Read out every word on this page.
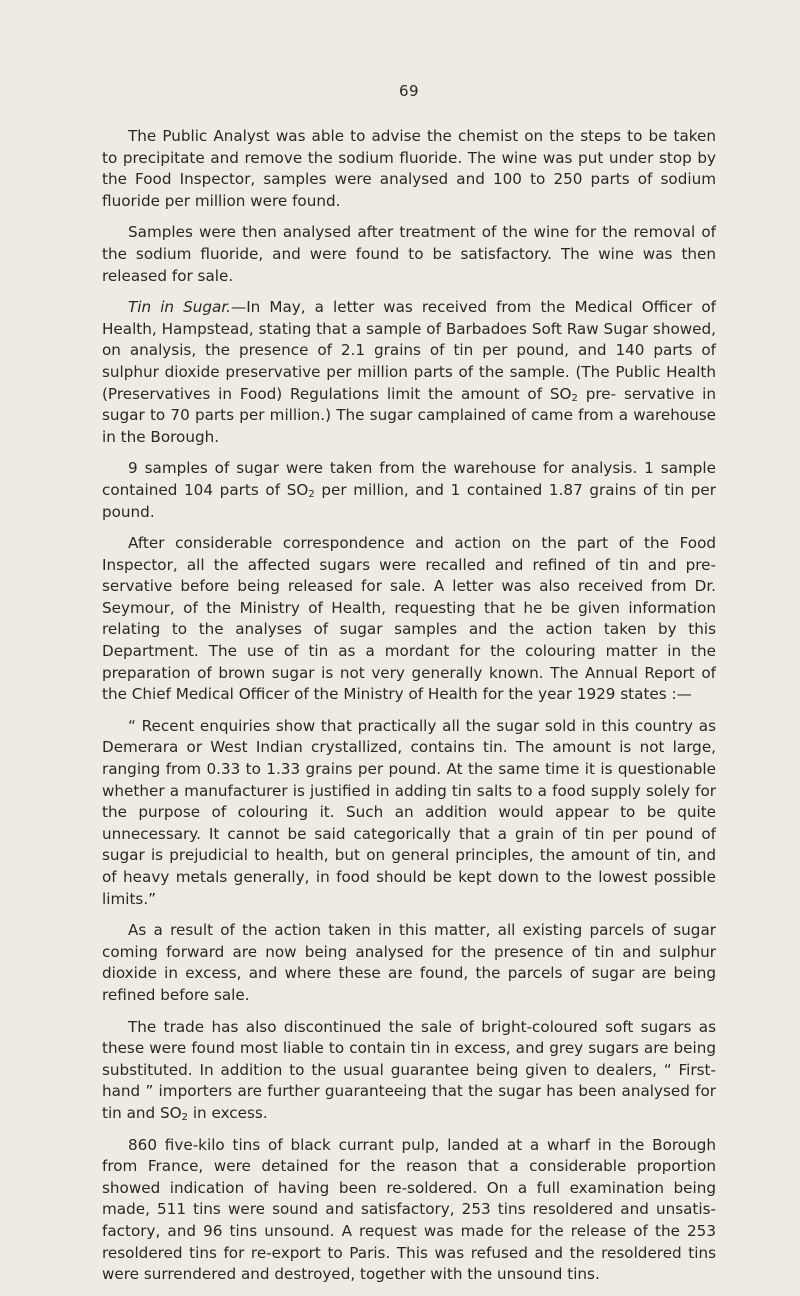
69

The Public Analyst was able to advise the chemist on the steps to be taken to precipitate and remove the sodium fluoride. The wine was put under stop by the Food Inspector, samples were analysed and 100 to 250 parts of sodium fluoride per million were found.

Samples were then analysed after treatment of the wine for the removal of the sodium fluoride, and were found to be satisfactory. The wine was then released for sale.

Tin in Sugar.—In May, a letter was received from the Medical Officer of Health, Hampstead, stating that a sample of Barbadoes Soft Raw Sugar showed, on analysis, the presence of 2.1 grains of tin per pound, and 140 parts of sulphur dioxide preservative per million parts of the sample. (The Public Health (Preservatives in Food) Regulations limit the amount of $SO_2$ pre- servative in sugar to 70 parts per million.) The sugar camplained of came from a warehouse in the Borough.

9 samples of sugar were taken from the warehouse for analysis. 1 sample contained 104 parts of $SO_2$ per million, and 1 contained 1.87 grains of tin per pound.

After considerable correspondence and action on the part of the Food Inspector, all the affected sugars were recalled and refined of tin and pre- servative before being released for sale. A letter was also received from Dr. Seymour, of the Ministry of Health, requesting that he be given information relating to the analyses of sugar samples and the action taken by this Department. The use of tin as a mordant for the colouring matter in the preparation of brown sugar is not very generally known. The Annual Report of the Chief Medical Officer of the Ministry of Health for the year 1929 states :—

“ Recent enquiries show that practically all the sugar sold in this country as Demerara or West Indian crystallized, contains tin. The amount is not large, ranging from 0.33 to 1.33 grains per pound. At the same time it is questionable whether a manufacturer is justified in adding tin salts to a food supply solely for the purpose of colouring it. Such an addition would appear to be quite unnecessary. It cannot be said categorically that a grain of tin per pound of sugar is prejudicial to health, but on general principles, the amount of tin, and of heavy metals generally, in food should be kept down to the lowest possible limits.”

As a result of the action taken in this matter, all existing parcels of sugar coming forward are now being analysed for the presence of tin and sulphur dioxide in excess, and where these are found, the parcels of sugar are being refined before sale.

The trade has also discontinued the sale of bright-coloured soft sugars as these were found most liable to contain tin in excess, and grey sugars are being substituted. In addition to the usual guarantee being given to dealers, “ First-hand ” importers are further guaranteeing that the sugar has been analysed for tin and $SO_2$ in excess.

860 five-kilo tins of black currant pulp, landed at a wharf in the Borough from France, were detained for the reason that a considerable proportion showed indication of having been re-soldered. On a full examination being made, 511 tins were sound and satisfactory, 253 tins resoldered and unsatis- factory, and 96 tins unsound. A request was made for the release of the 253 resoldered tins for re-export to Paris. This was refused and the resoldered tins were surrendered and destroyed, together with the unsound tins.
